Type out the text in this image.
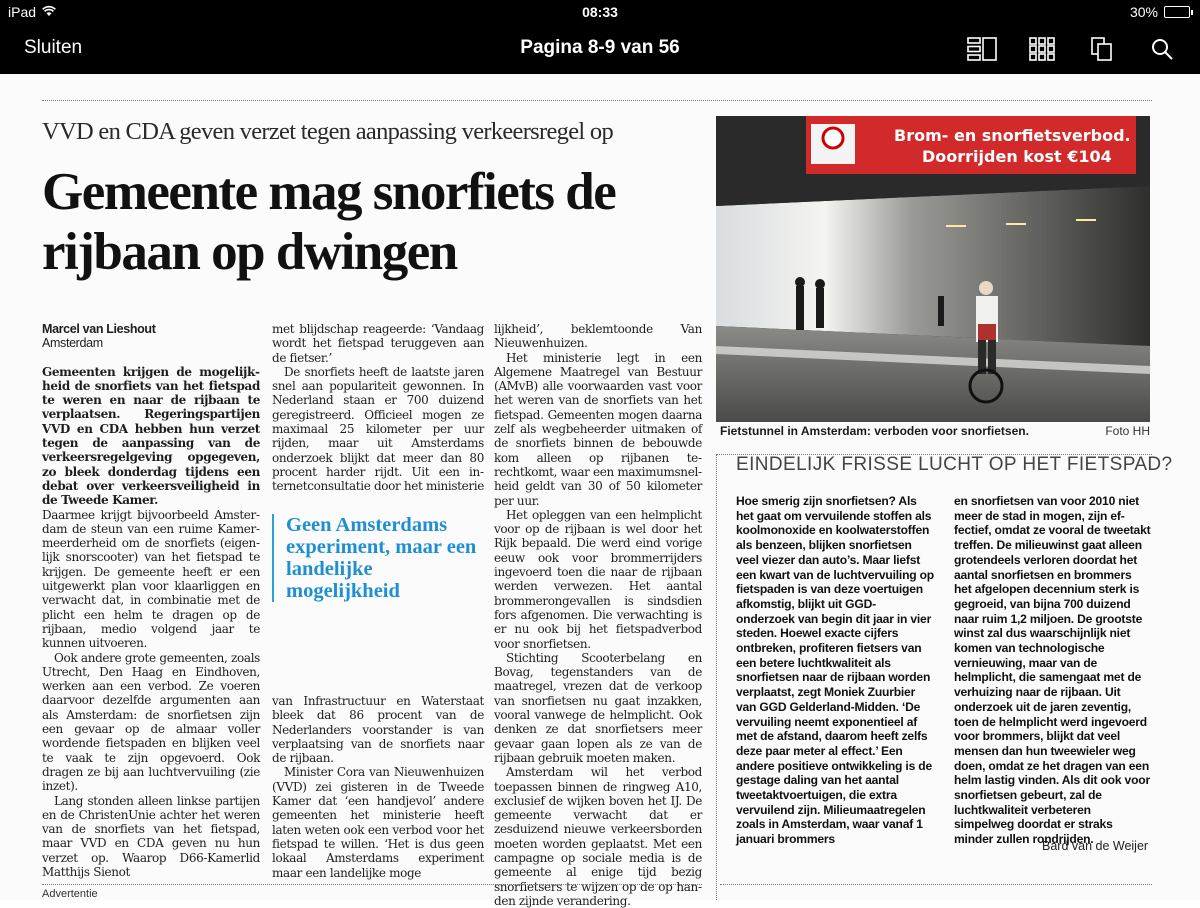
iPad	08:33	30%
Sluiten	Pagina 8-9 van 56
VVD en CDA geven verzet tegen aanpassing verkeersregel op
Gemeente mag snorfiets de rijbaan op dwingen
Marcel van Lieshout
Amsterdam

Gemeenten krijgen de mogelijkheid de snorfiets van het fietspad te weren en naar de rijbaan te verplaatsen. Regeringspartijen VVD en CDA hebben hun verzet tegen de aanpassing van de verkeersregelgeving opgegeven, zo bleek donderdag tijdens een debat over verkeersveiligheid in de Tweede Kamer.

Daarmee krijgt bijvoorbeeld Amsterdam de steun van een ruime Kamermeerderheid om de snorfiets (eigenlijk snorscooter) van het fietspad te krijgen. De gemeente heeft er een uitgewerkt plan voor klaarliggen en verwacht dat, in combinatie met de plicht een helm te dragen op de rijbaan, medio volgend jaar te kunnen uitvoeren.

Ook andere grote gemeenten, zoals Utrecht, Den Haag en Eindhoven, werken aan een verbod. Ze voeren daarvoor dezelfde argumenten aan als Amsterdam: de snorfietsen zijn een gevaar op de almaar voller wordende fietspaden en blijken veel te vaak te zijn opgevoerd. Ook dragen ze bij aan luchtvervuiling (zie inzet).

Lang stonden alleen linkse partijen en de ChristenUnie achter het weren van de snorfiets van het fietspad, maar VVD en CDA geven nu hun verzet op. Waarop D66-Kamerlid Matthijs Sienot

met blijdschap reageerde: ‘Vandaag wordt het fietspad teruggeven aan de fietser.’

De snorfiets heeft de laatste jaren snel aan populariteit gewonnen. In Nederland staan er 700 duizend geregistreerd. Officieel mogen ze maximaal 25 kilometer per uur rijden, maar uit Amsterdams onderzoek blijkt dat meer dan 80 procent harder rijdt. Uit een internetconsultatie door het ministerie

Geen Amsterdams experiment, maar een landelijke mogelijkheid

van Infrastructuur en Waterstaat bleek dat 86 procent van de Nederlanders voorstander is van verplaatsing van de snorfiets naar de rijbaan.

Minister Cora van Nieuwenhuizen (VVD) zei gisteren in de Tweede Kamer dat ‘een handjevol’ andere gemeenten het ministerie heeft laten weten ook een verbod voor het fietspad te willen. ‘Het is dus geen lokaal Amsterdams experiment maar een landelijke moge

lijkheid’, beklemtoonde Van Nieuwenhuizen.

Het ministerie legt in een Algemene Maatregel van Bestuur (AMvB) alle voorwaarden vast voor het weren van de snorfiets van het fietspad. Gemeenten mogen daarna zelf als wegbeheerder uitmaken of de snorfiets binnen de bebouwde kom alleen op rijbanen terechtkomt, waar een maximumsnelheid geldt van 30 of 50 kilometer per uur.

Het opleggen van een helmplicht voor op de rijbaan is wel door het Rijk bepaald. Die werd eind vorige eeuw ook voor brommerrijders ingevoerd toen die naar de rijbaan werden verwezen. Het aantal brommerongevallen is sindsdien fors afgenomen. Die verwachting is er nu ook bij het fietspadverbod voor snorfietsen.

Stichting Scooterbelang en Bovag, tegenstanders van de maatregel, vrezen dat de verkoop van snorfietsen nu gaat inzakken, vooral vanwege de helmplicht. Ook denken ze dat snorfietsers meer gevaar gaan lopen als ze van de rijbaan gebruik moeten maken.

Amsterdam wil het verbod toepassen binnen de ringweg A10, exclusief de wijken boven het IJ. De gemeente verwacht dat er zesduizend nieuwe verkeersborden moeten worden geplaatst. Met een campagne op sociale media is de gemeente al enige tijd bezig snorfietsers te wijzen op de op handen zijnde verandering.

Brom- en snorfietsverbod.
Doorrijden kost €104
Fietstunnel in Amsterdam: verboden voor snorfietsen.	Foto HH
EINDELIJK FRISSE LUCHT OP HET FIETSPAD?
Hoe smerig zijn snorfietsen? Als het gaat om vervuilende stoffen als koolmonoxide en koolwaterstoffen als benzeen, blijken snorfietsen veel viezer dan auto’s. Maar liefst een kwart van de luchtvervuiling op fietspaden is van deze voertuigen afkomstig, blijkt uit GGD-onderzoek van begin dit jaar in vier steden. Hoewel exacte cijfers ontbreken, profiteren fietsers van een betere luchtkwaliteit als snorfietsen naar de rijbaan worden verplaatst, zegt Moniek Zuurbier van GGD Gelderland-Midden. ‘De vervuiling neemt exponentieel af met de afstand, daarom heeft zelfs deze paar meter al effect.’ Een andere positieve ontwikkeling is de gestage daling van het aantal tweetaktvoertuigen, die extra vervuilend zijn. Milieumaatregelen zoals in Amsterdam, waar vanaf 1 januari brommers
en snorfietsen van voor 2010 niet meer de stad in mogen, zijn effectief, omdat ze vooral de tweetakt treffen. De milieuwinst gaat alleen grotendeels verloren doordat het aantal snorfietsen en brommers het afgelopen decennium sterk is gegroeid, van bijna 700 duizend naar ruim 1,2 miljoen. De grootste winst zal dus waarschijnlijk niet komen van technologische vernieuwing, maar van de helmplicht, die samengaat met de verhuizing naar de rijbaan. Uit onderzoek uit de jaren zeventig, toen de helmplicht werd ingevoerd voor brommers, blijkt dat veel mensen dan hun tweewieler weg doen, omdat ze het dragen van een helm lastig vinden. Als dit ook voor snorfietsen gebeurt, zal de luchtkwaliteit verbeteren simpelweg doordat er straks minder zullen rondrijden.
Bard van de Weijer
Advertentie
